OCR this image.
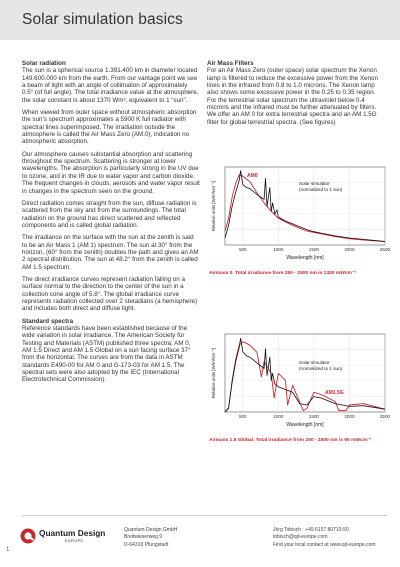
Solar simulation basics

Solar radiation

The sun is a spherical source 1.391.400 km in diameter located 149.600.000 km from the earth. From our vantage point we see a beam of light with an angle of collimation of approximately 0.5° (of full angle). The total irradiance value at the atmosphere, the solar constant is about 1370 Wm², equivalent to 1 “sun”.

When viewed from outer space without atmospheric absorption the sun’s spectrum approximates a 5900 K full radiator with spectral lines superimposed. The irradiation outside the atmosphere is called the Air Mass Zero (AM.0), indication no atmospheric absorption.

Our atmosphere causes substantial absorption and scattering throughout the spectrum. Scattering is stronger at lower wavelengths. The absorption is particularly strong in the UV due to ozone, and in the IR due to water vapor and carbon dioxide. The frequent changes in clouds, aerosols and water vapor result in changes in the spectrum seen on the ground.

Direct radiation comes straight from the sun, diffuse radiation is scattered from the sky and from the surroundings. The total radiation on the ground has direct scattered and reflected components and is called global radiation.

The irradiance on the surface with the sun at the zenith is said to be an Air Mass 1 (AM 1) spectrum. The sun at 30° from the horizon, (60° from the zenith) doubles the path and gives an AM 2 spectral distribution. The sun at 48.2° from the zenith is called AM 1.5 spectrum.

The direct irradiance curves represent radiation falling on a surface normal to the direction to the center of the sun in a collection cone angle of 5.8°. The global irradiance curve represents radiation collected over 2 steradians (a hemisphere) and includes both direct and diffuse light.

Standard spectra

Reference standards have been established because of the wide variation in solar irradiance. The American Society for Testing and Materials (ASTM) published three spectra; AM 0, AM 1.5 Direct and AM 1.5 Global on a sun facing surface 37° from the horizontal. The curves are from the data in ASTM standards E490-00 for AM 0 and G-173-03 for AM 1.5. The spectral sets were also adopted by the IEC (International Electrotechnical Commission).

Air Mass Filters

For an Air Mass Zero (outer space) solar spectrum the Xenon lamp is filtered to reduce the excessive power from the Xenon lines in the infrared from 0.8 to 1.0 microns. The Xenon lamp also shows some excessive power in the 0.25 to 0.35 region. For the terrestrial solar spectrum the ultraviolet below 0.4 microns and the infrared must be further attenuated by filters. We offer an AM 0 for extra terrestrial spectra and an AM 1.5G filter for global terrestrial spectra. (See figures)

500	1000	1500	2000	2500
AM0
Solar simulator
(normalized to 1 sun)
Wavelength [nm]
Relative units [W/m²nm⁻¹]
Airmass 0. Total irradiance from 250 - 2500 nm is 1330 mWcm⁻²
500	1000	1500	2000	2500
AM1.5G
Solar simulator
(normalized to 1 sun)
Wavelength [nm]
Relative units [W/m²nm⁻¹]
Airmass 1.5 Global. Total irradiance from 250 - 2500 nm is 95 mWcm⁻²
1
Quantum Design
EUROPE
Quantum Design GmbH
Breitwieserweg 9
D-64319 Pfungstadt
Jörg Tobisch : +49 6157 80710-50
tobisch@qd-europe.com
Find your local contact at www.qd-europe.com
